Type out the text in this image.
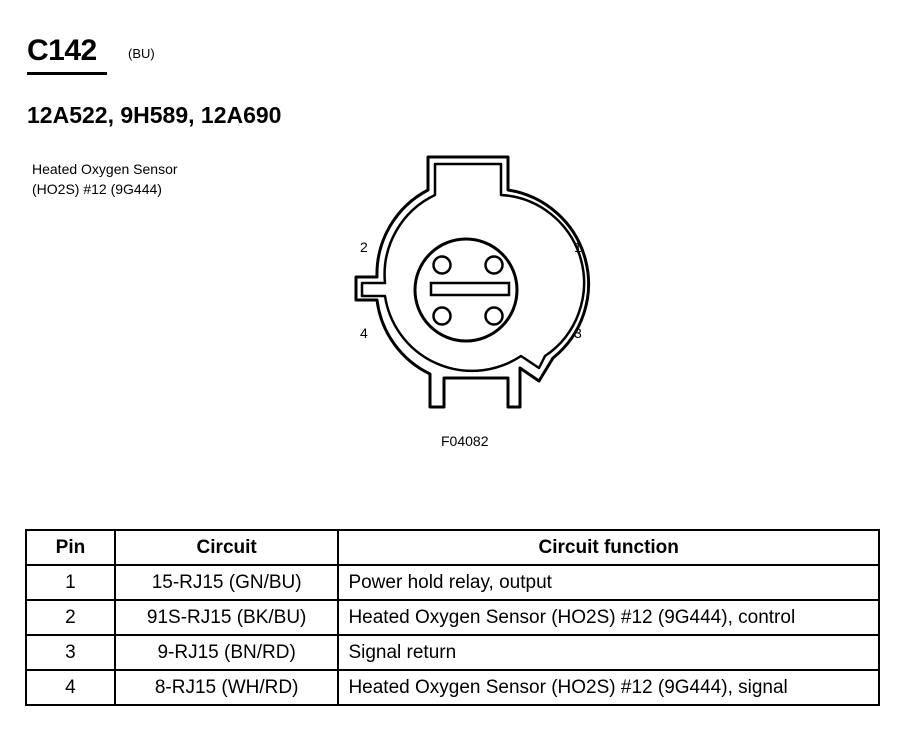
C142 (BU)
12A522, 9H589, 12A690
Heated Oxygen Sensor
(HO2S) #12 (9G444)
1
2
3
4
F04082
Pin	Circuit	Circuit function
1	15-RJ15 (GN/BU)	Power hold relay, output
2	91S-RJ15 (BK/BU)	Heated Oxygen Sensor (HO2S) #12 (9G444), control
3	9-RJ15 (BN/RD)	Signal return
4	8-RJ15 (WH/RD)	Heated Oxygen Sensor (HO2S) #12 (9G444), signal
